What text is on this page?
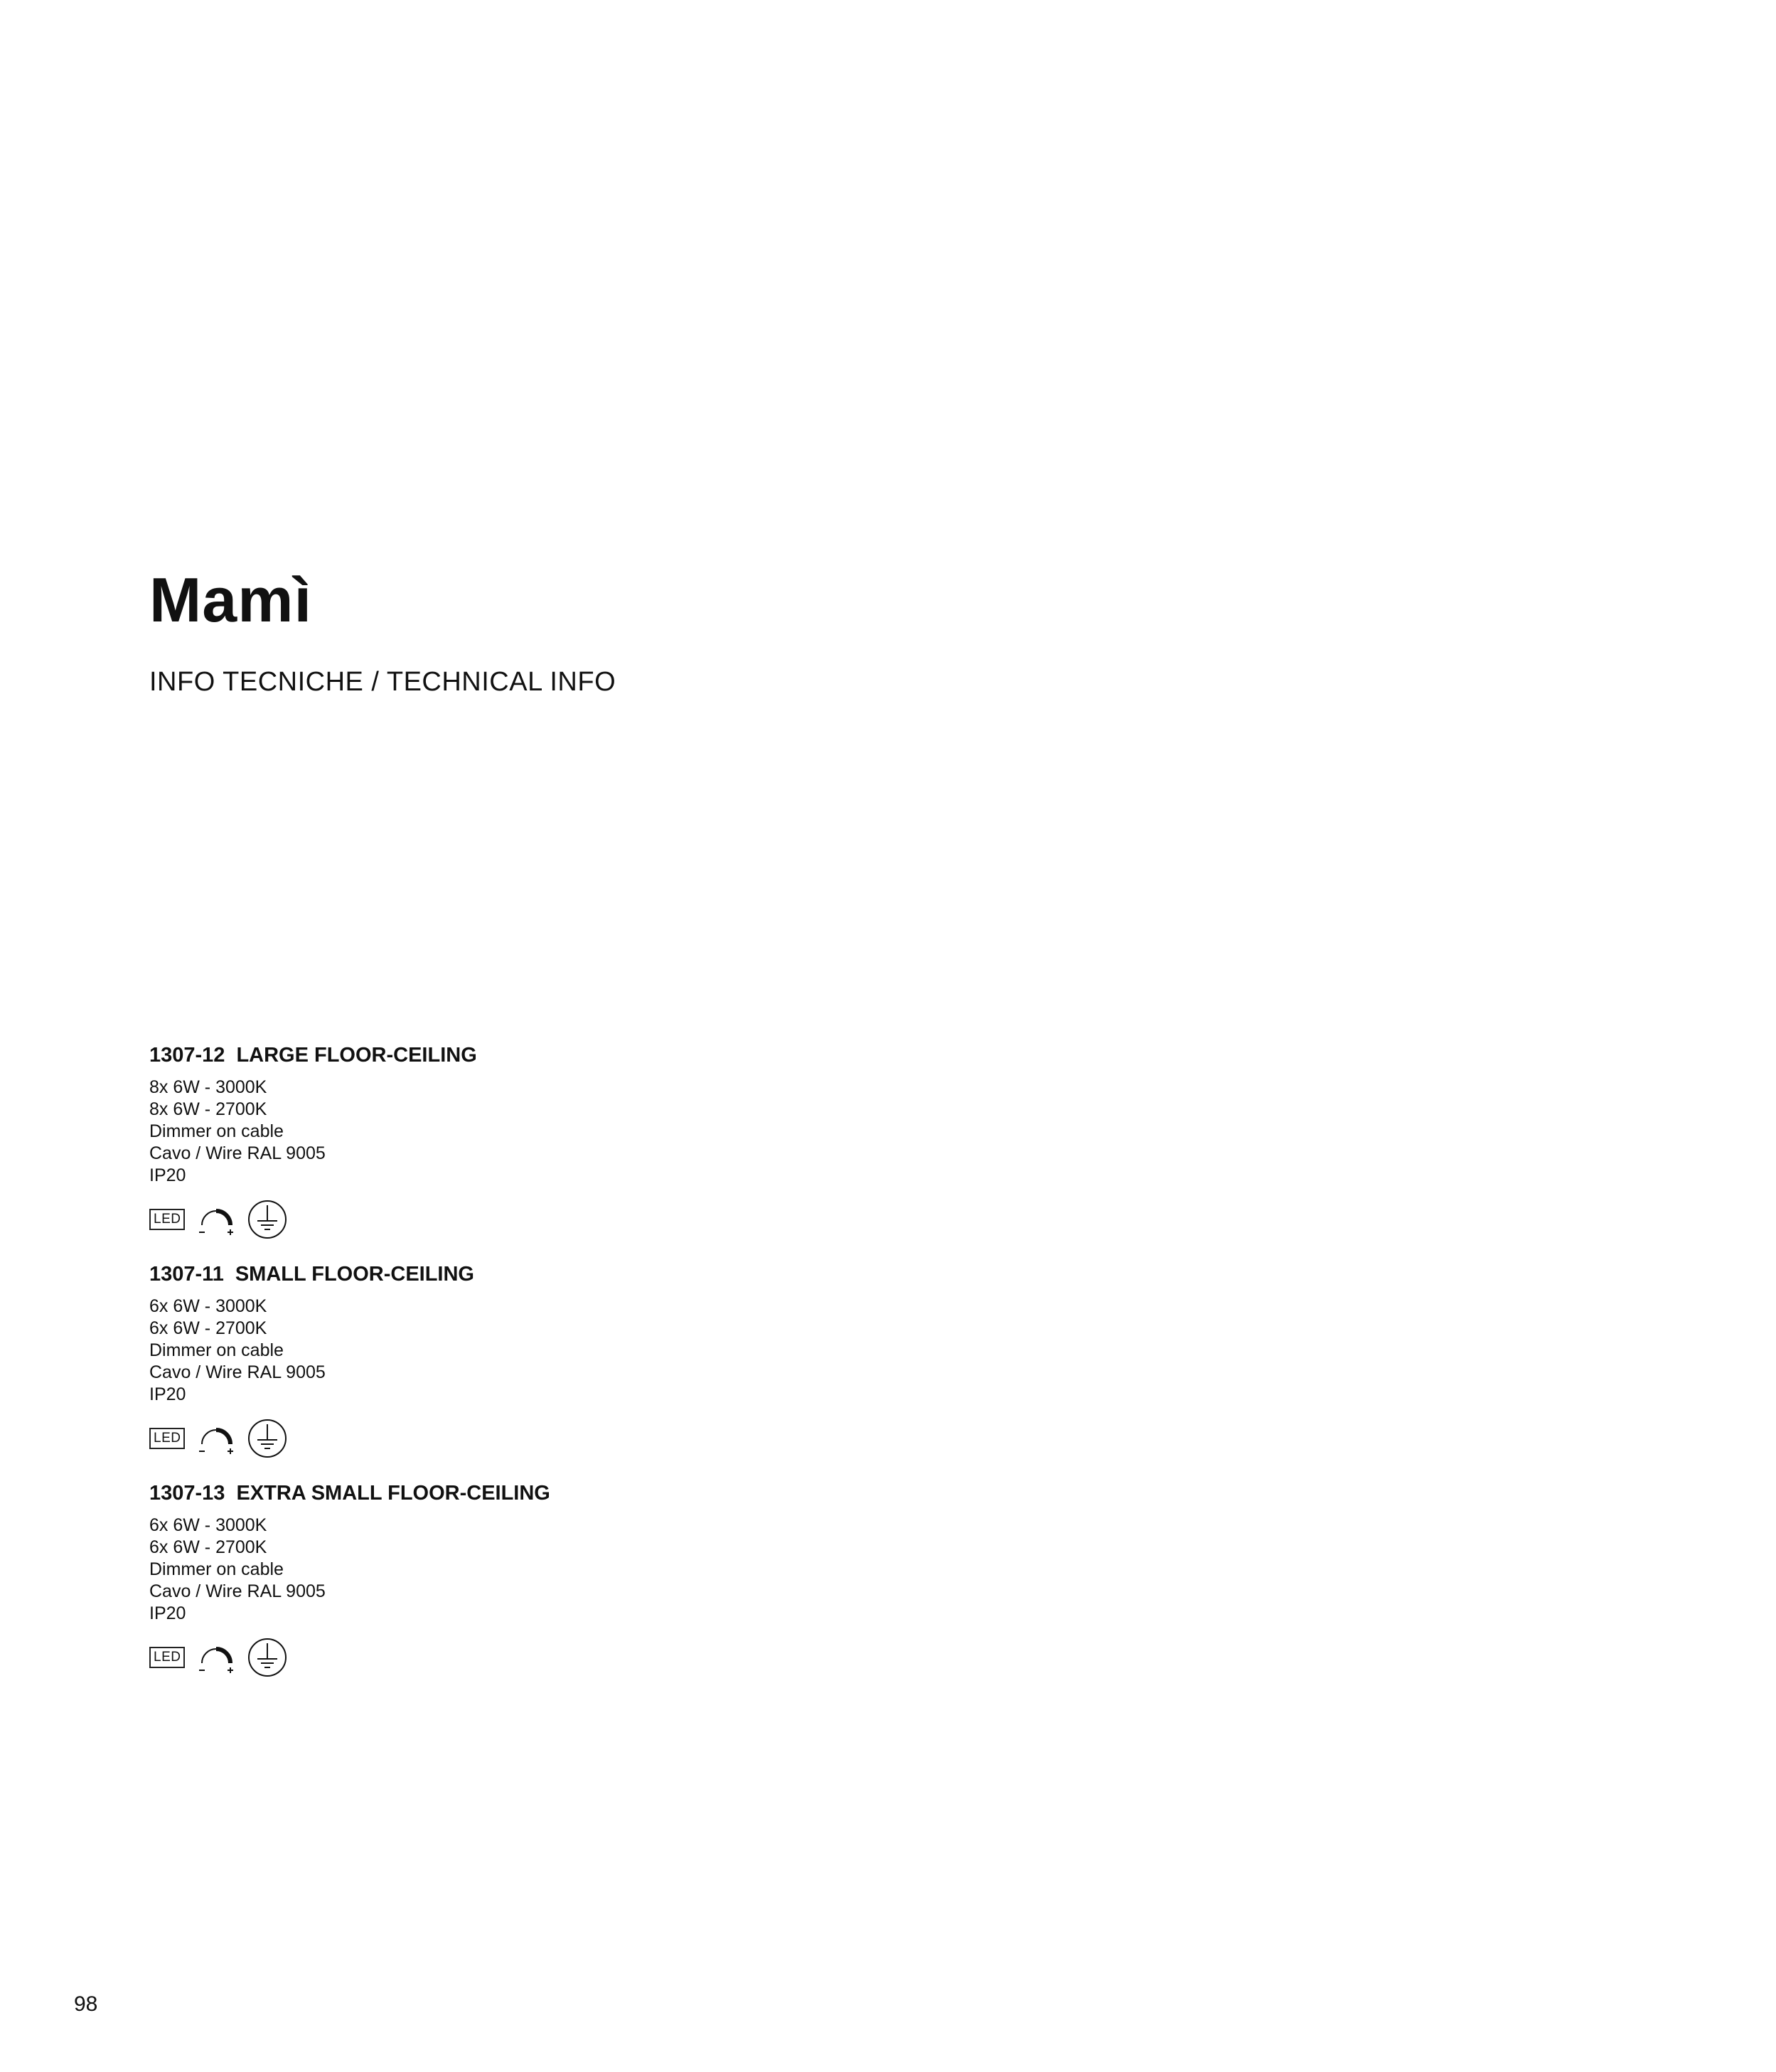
Mamì
INFO TECNICHE / TECHNICAL INFO
1307-12 LARGE FLOOR-CEILING
8x 6W - 3000K
8x 6W - 2700K
Dimmer on cable
Cavo / Wire RAL 9005
IP20
LED
1307-11 SMALL FLOOR-CEILING
6x 6W - 3000K
6x 6W - 2700K
Dimmer on cable
Cavo / Wire RAL 9005
IP20
LED
1307-13 EXTRA SMALL FLOOR-CEILING
6x 6W - 3000K
6x 6W - 2700K
Dimmer on cable
Cavo / Wire RAL 9005
IP20
LED
98
